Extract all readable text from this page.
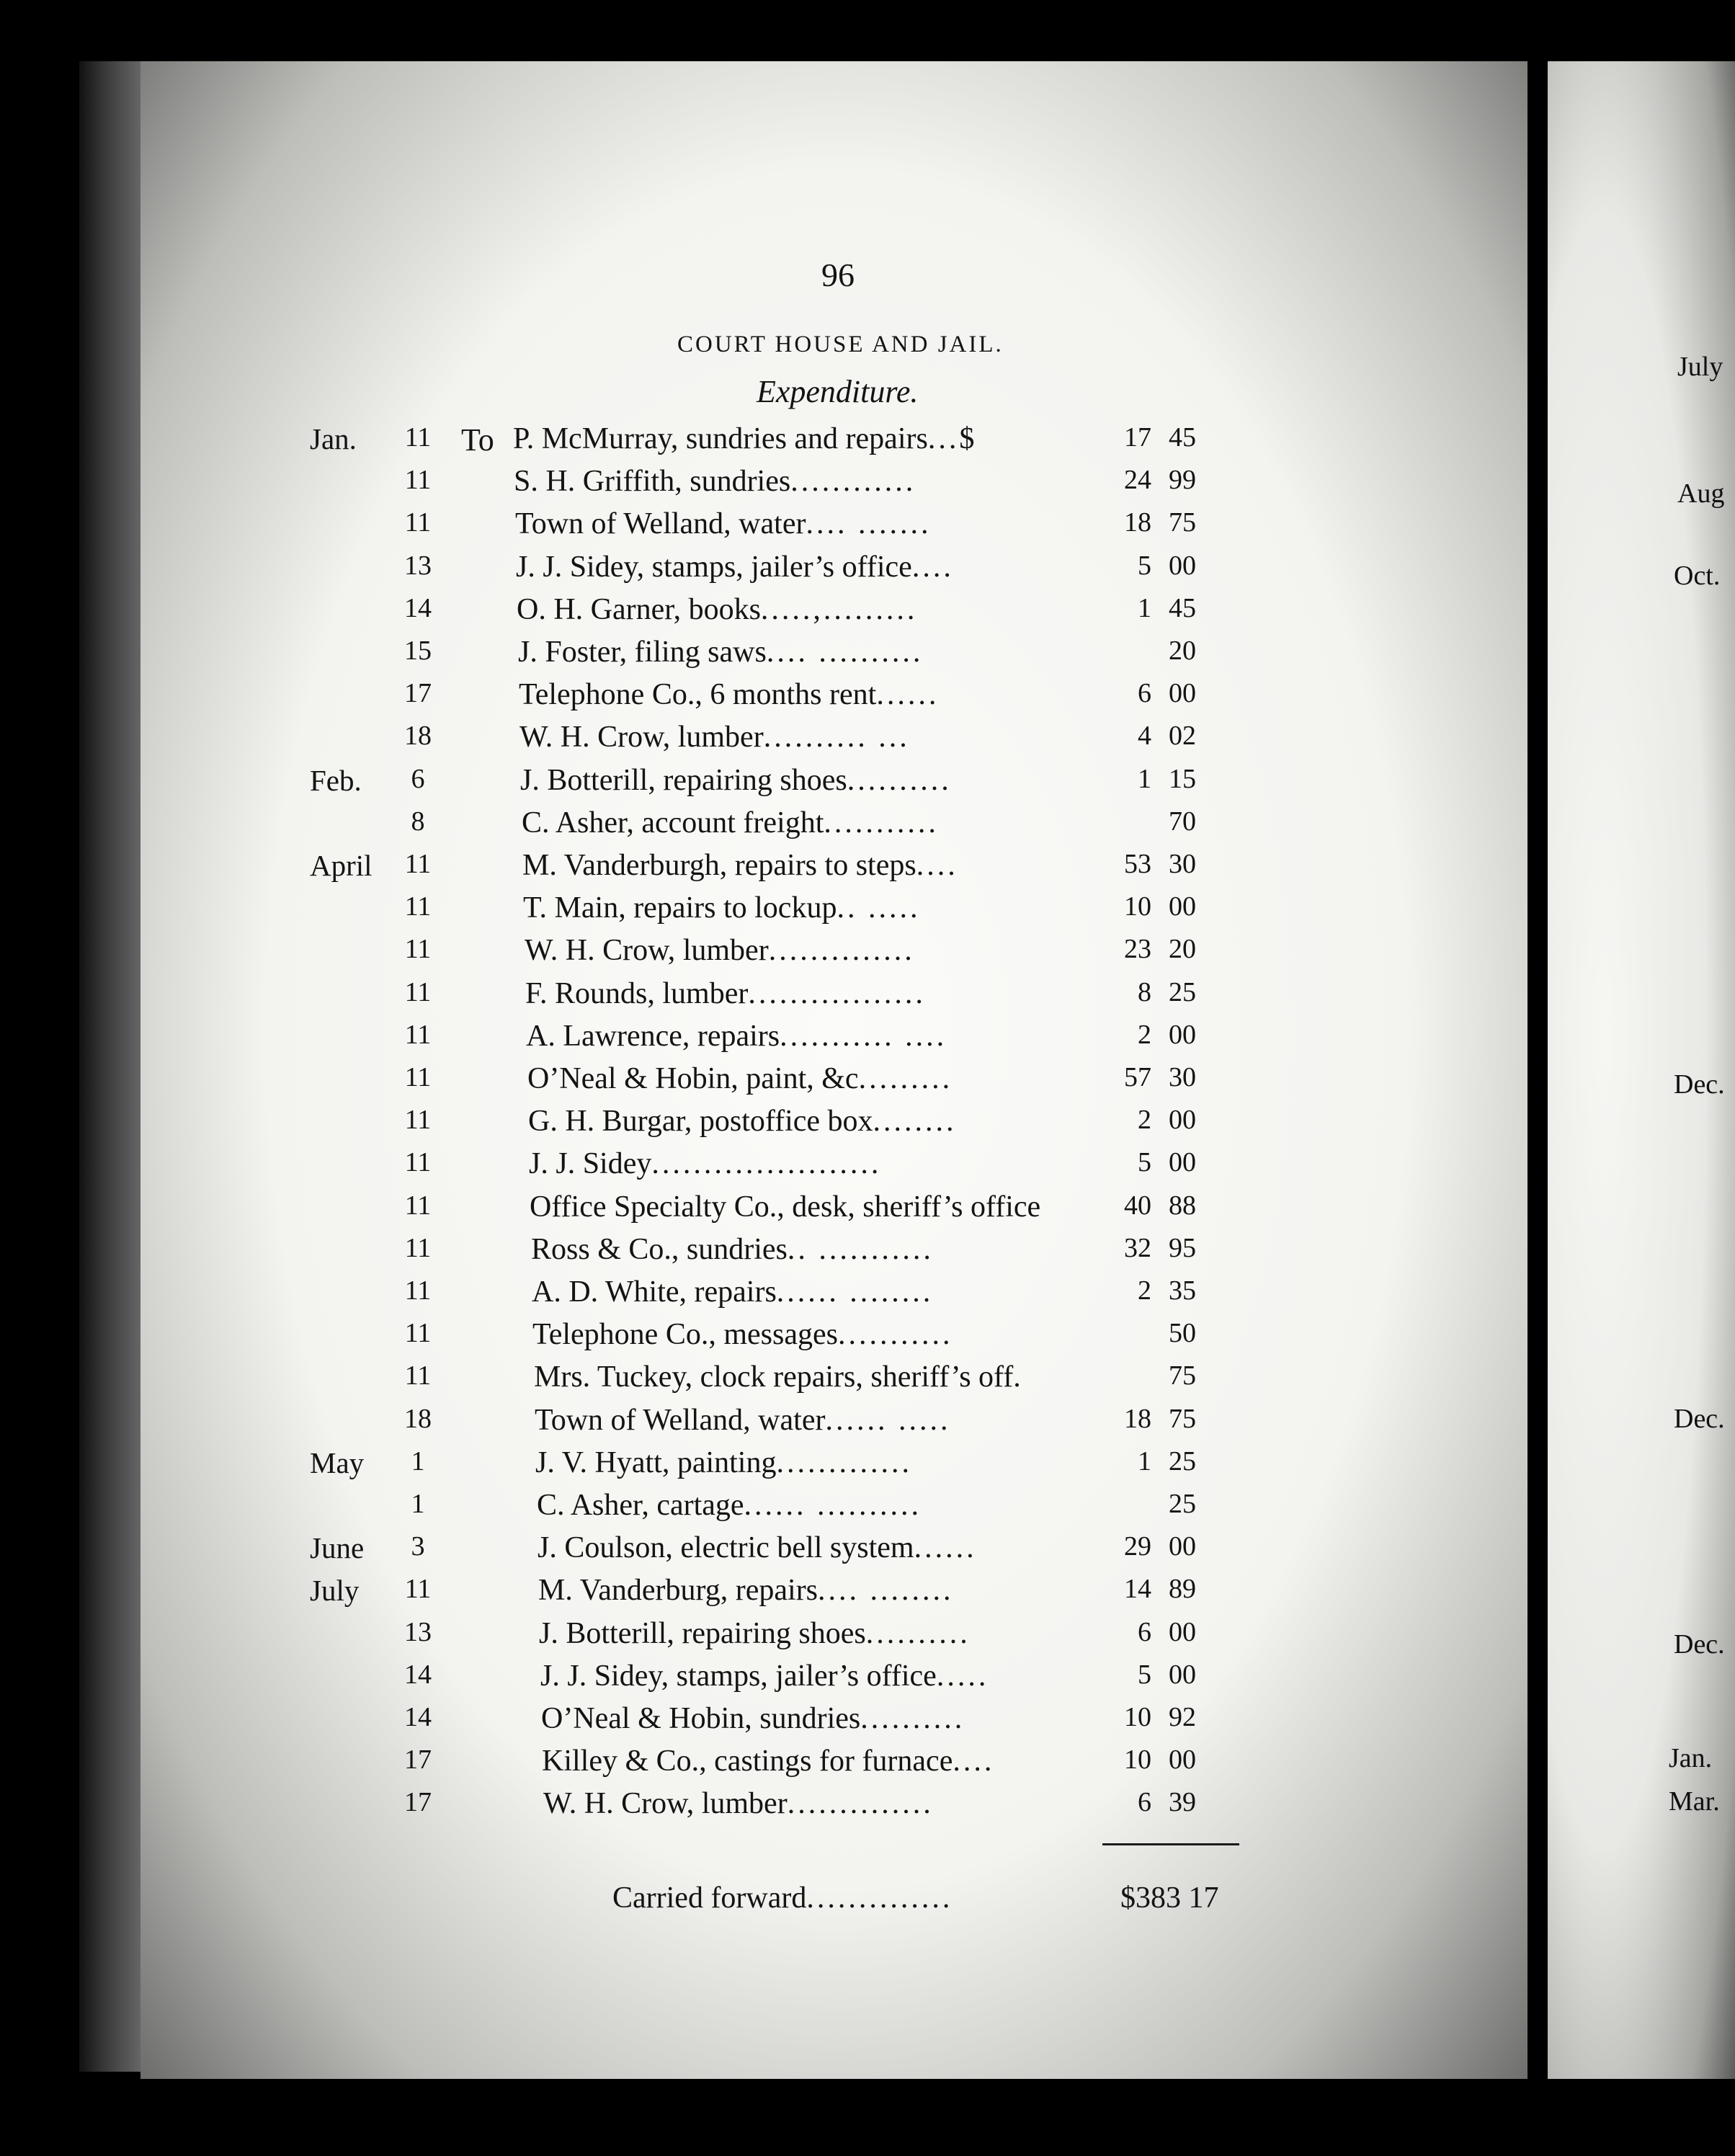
July
Aug
Oct.
Dec.
Dec.
Dec.
Jan.
Mar.
96
COURT HOUSE AND JAIL.
Expenditure.
Jan.	11 To P. McMurray, sundries and repairs...$	17 45
11	S. H. Griffith, sundries............	24 99
11	Town of Welland, water.... .......	18 75
13	J. J. Sidey, stamps, jailer’s office....	5 00
14	O. H. Garner, books.....,.........	1 45
15	J. Foster, filing saws.... ..........	20
17	Telephone Co., 6 months rent......	6 00
18	W. H. Crow, lumber.......... ...	4 02
Feb.	6	J. Botterill, repairing shoes..........	1 15
8	C. Asher, account freight...........	70
April	11	M. Vanderburgh, repairs to steps....	53 30
11	T. Main, repairs to lockup.. .....	10 00
11	W. H. Crow, lumber..............	23 20
11	F. Rounds, lumber.................	8 25
11	A. Lawrence, repairs........... ....	2 00
11	O’Neal & Hobin, paint, &c.........	57 30
11	G. H. Burgar, postoffice box........	2 00
11	J. J. Sidey......................	5 00
11	Office Specialty Co., desk, sheriff’s office	40 88
11	Ross & Co., sundries.. ...........	32 95
11	A. D. White, repairs...... ........	2 35
11	Telephone Co., messages...........	50
11	Mrs. Tuckey, clock repairs, sheriff’s off.	75
18	Town of Welland, water...... .....	18 75
May	1	J. V. Hyatt, painting.............	1 25
1	C. Asher, cartage...... ..........	25
June	3	J. Coulson, electric bell system......	29 00
July	11	M. Vanderburg, repairs.... ........	14 89
13	J. Botterill, repairing shoes..........	6 00
14	J. J. Sidey, stamps, jailer’s office.....	5 00
14	O’Neal & Hobin, sundries..........	10 92
17	Killey & Co., castings for furnace....	10 00
17	W. H. Crow, lumber..............	6 39
Carried forward..............	$383 17
